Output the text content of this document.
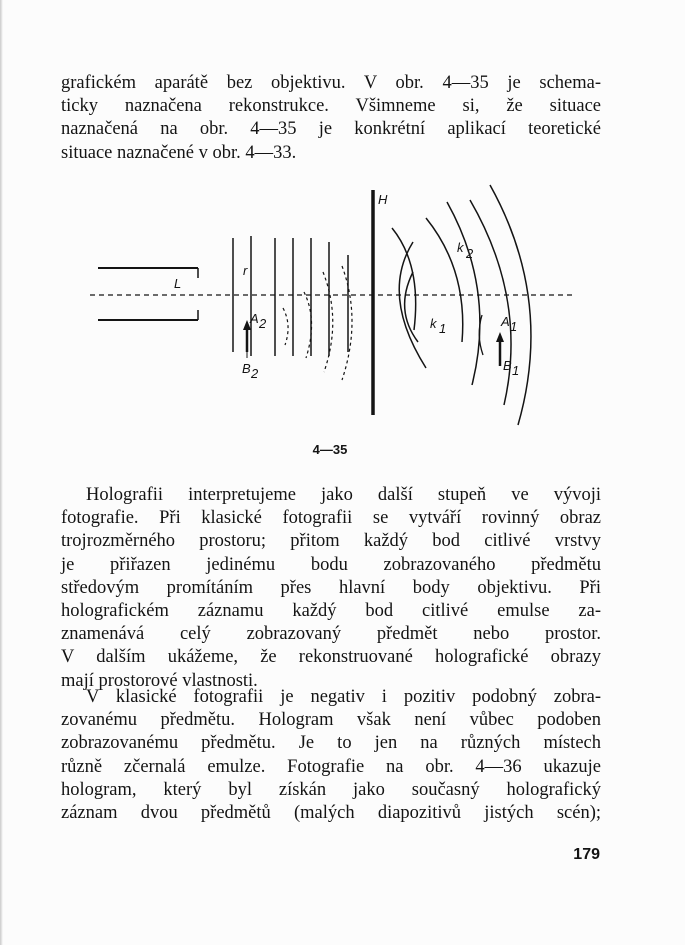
grafickém aparátě bez objektivu. V obr. 4—35 je schema-
ticky naznačena rekonstrukce. Všimneme si, že situace
naznačená na obr. 4—35 je konkrétní aplikací teoretické
situace naznačené v obr. 4—33.
H
k 2
L
r
A 2
B 2
k 1	A 1
B 1
4—35
Holografii interpretujeme jako další stupeň ve vývoji
fotografie. Při klasické fotografii se vytváří rovinný obraz
trojrozměrného prostoru; přitom každý bod citlivé vrstvy
je přiřazen jedinému bodu zobrazovaného předmětu
středovým promítáním přes hlavní body objektivu. Při
holografickém záznamu každý bod citlivé emulse za-
znamenává celý zobrazovaný předmět nebo prostor.
V dalším ukážeme, že rekonstruované holografické obrazy
mají prostorové vlastnosti.
V klasické fotografii je negativ i pozitiv podobný zobra-
zovanému předmětu. Hologram však není vůbec podoben
zobrazovanému předmětu. Je to jen na různých místech
různě zčernalá emulze. Fotografie na obr. 4—36 ukazuje
hologram, který byl získán jako současný holografický
záznam dvou předmětů (malých diapozitivů jistých scén);
179
